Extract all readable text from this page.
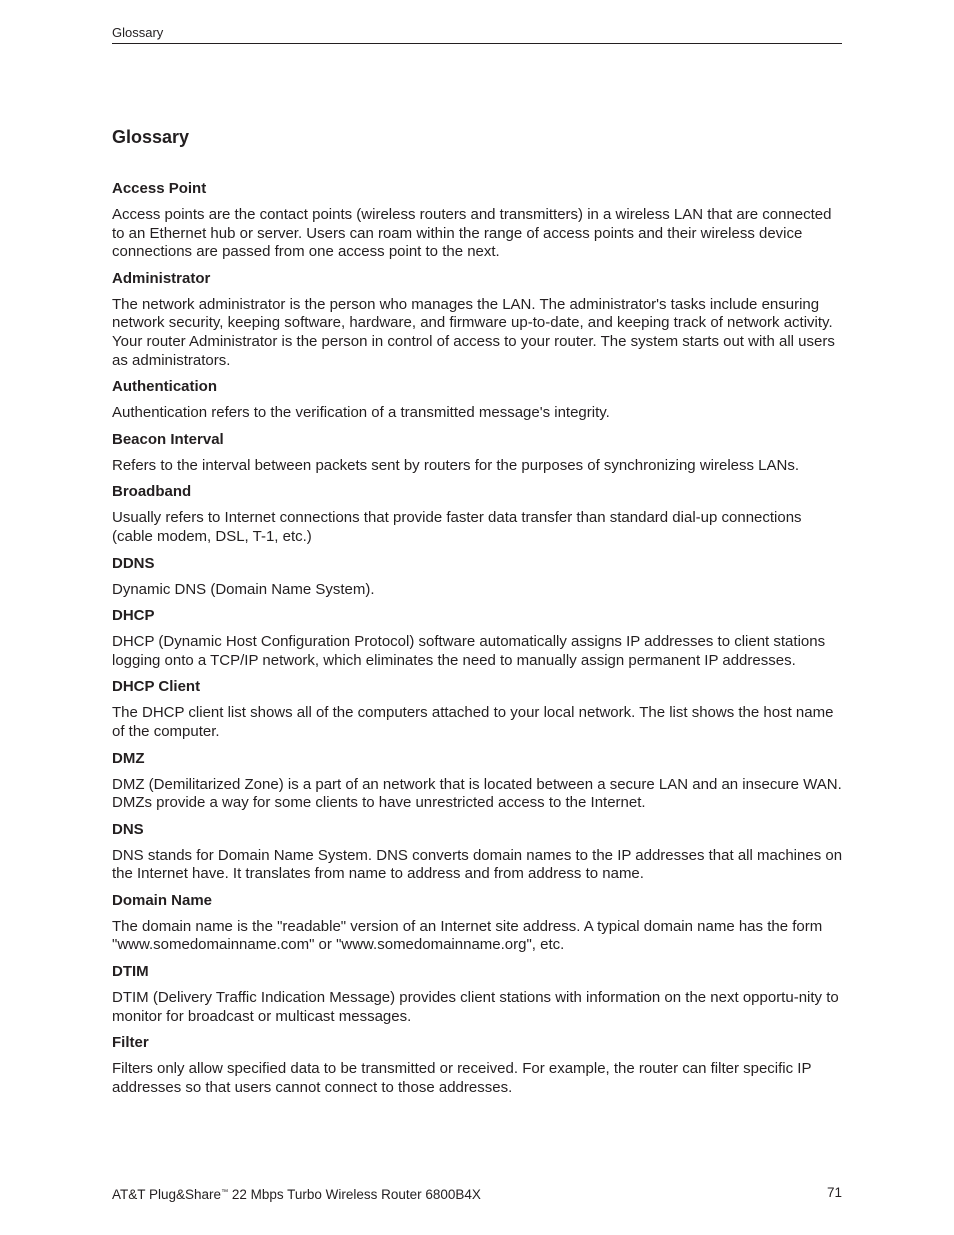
Glossary
Glossary

Access Point

Access points are the contact points (wireless routers and transmitters) in a wireless LAN that are connected to an Ethernet hub or server. Users can roam within the range of access points and their wireless device connections are passed from one access point to the next.

Administrator

The network administrator is the person who manages the LAN. The administrator's tasks include ensuring network security, keeping software, hardware, and firmware up-to-date, and keeping track of network activity. Your router Administrator is the person in control of access to your router. The system starts out with all users as administrators.

Authentication

Authentication refers to the verification of a transmitted message's integrity.

Beacon Interval

Refers to the interval between packets sent by routers for the purposes of synchronizing wireless LANs.

Broadband

Usually refers to Internet connections that provide faster data transfer than standard dial-up connections (cable modem, DSL, T-1, etc.)

DDNS

Dynamic DNS (Domain Name System).

DHCP

DHCP (Dynamic Host Configuration Protocol) software automatically assigns IP addresses to client stations logging onto a TCP/IP network, which eliminates the need to manually assign permanent IP addresses.

DHCP Client

The DHCP client list shows all of the computers attached to your local network. The list shows the host name of the computer.

DMZ

DMZ (Demilitarized Zone) is a part of an network that is located between a secure LAN and an insecure WAN. DMZs provide a way for some clients to have unrestricted access to the Internet.

DNS

DNS stands for Domain Name System. DNS converts domain names to the IP addresses that all machines on the Internet have. It translates from name to address and from address to name.

Domain Name

The domain name is the "readable" version of an Internet site address. A typical domain name has the form "www.somedomainname.com" or "www.somedomainname.org", etc.

DTIM

DTIM (Delivery Traffic Indication Message) provides client stations with information on the next opportu-nity to monitor for broadcast or multicast messages.

Filter

Filters only allow specified data to be transmitted or received. For example, the router can filter specific IP addresses so that users cannot connect to those addresses.

AT&T Plug&Share™ 22 Mbps Turbo Wireless Router 6800B4X	71
